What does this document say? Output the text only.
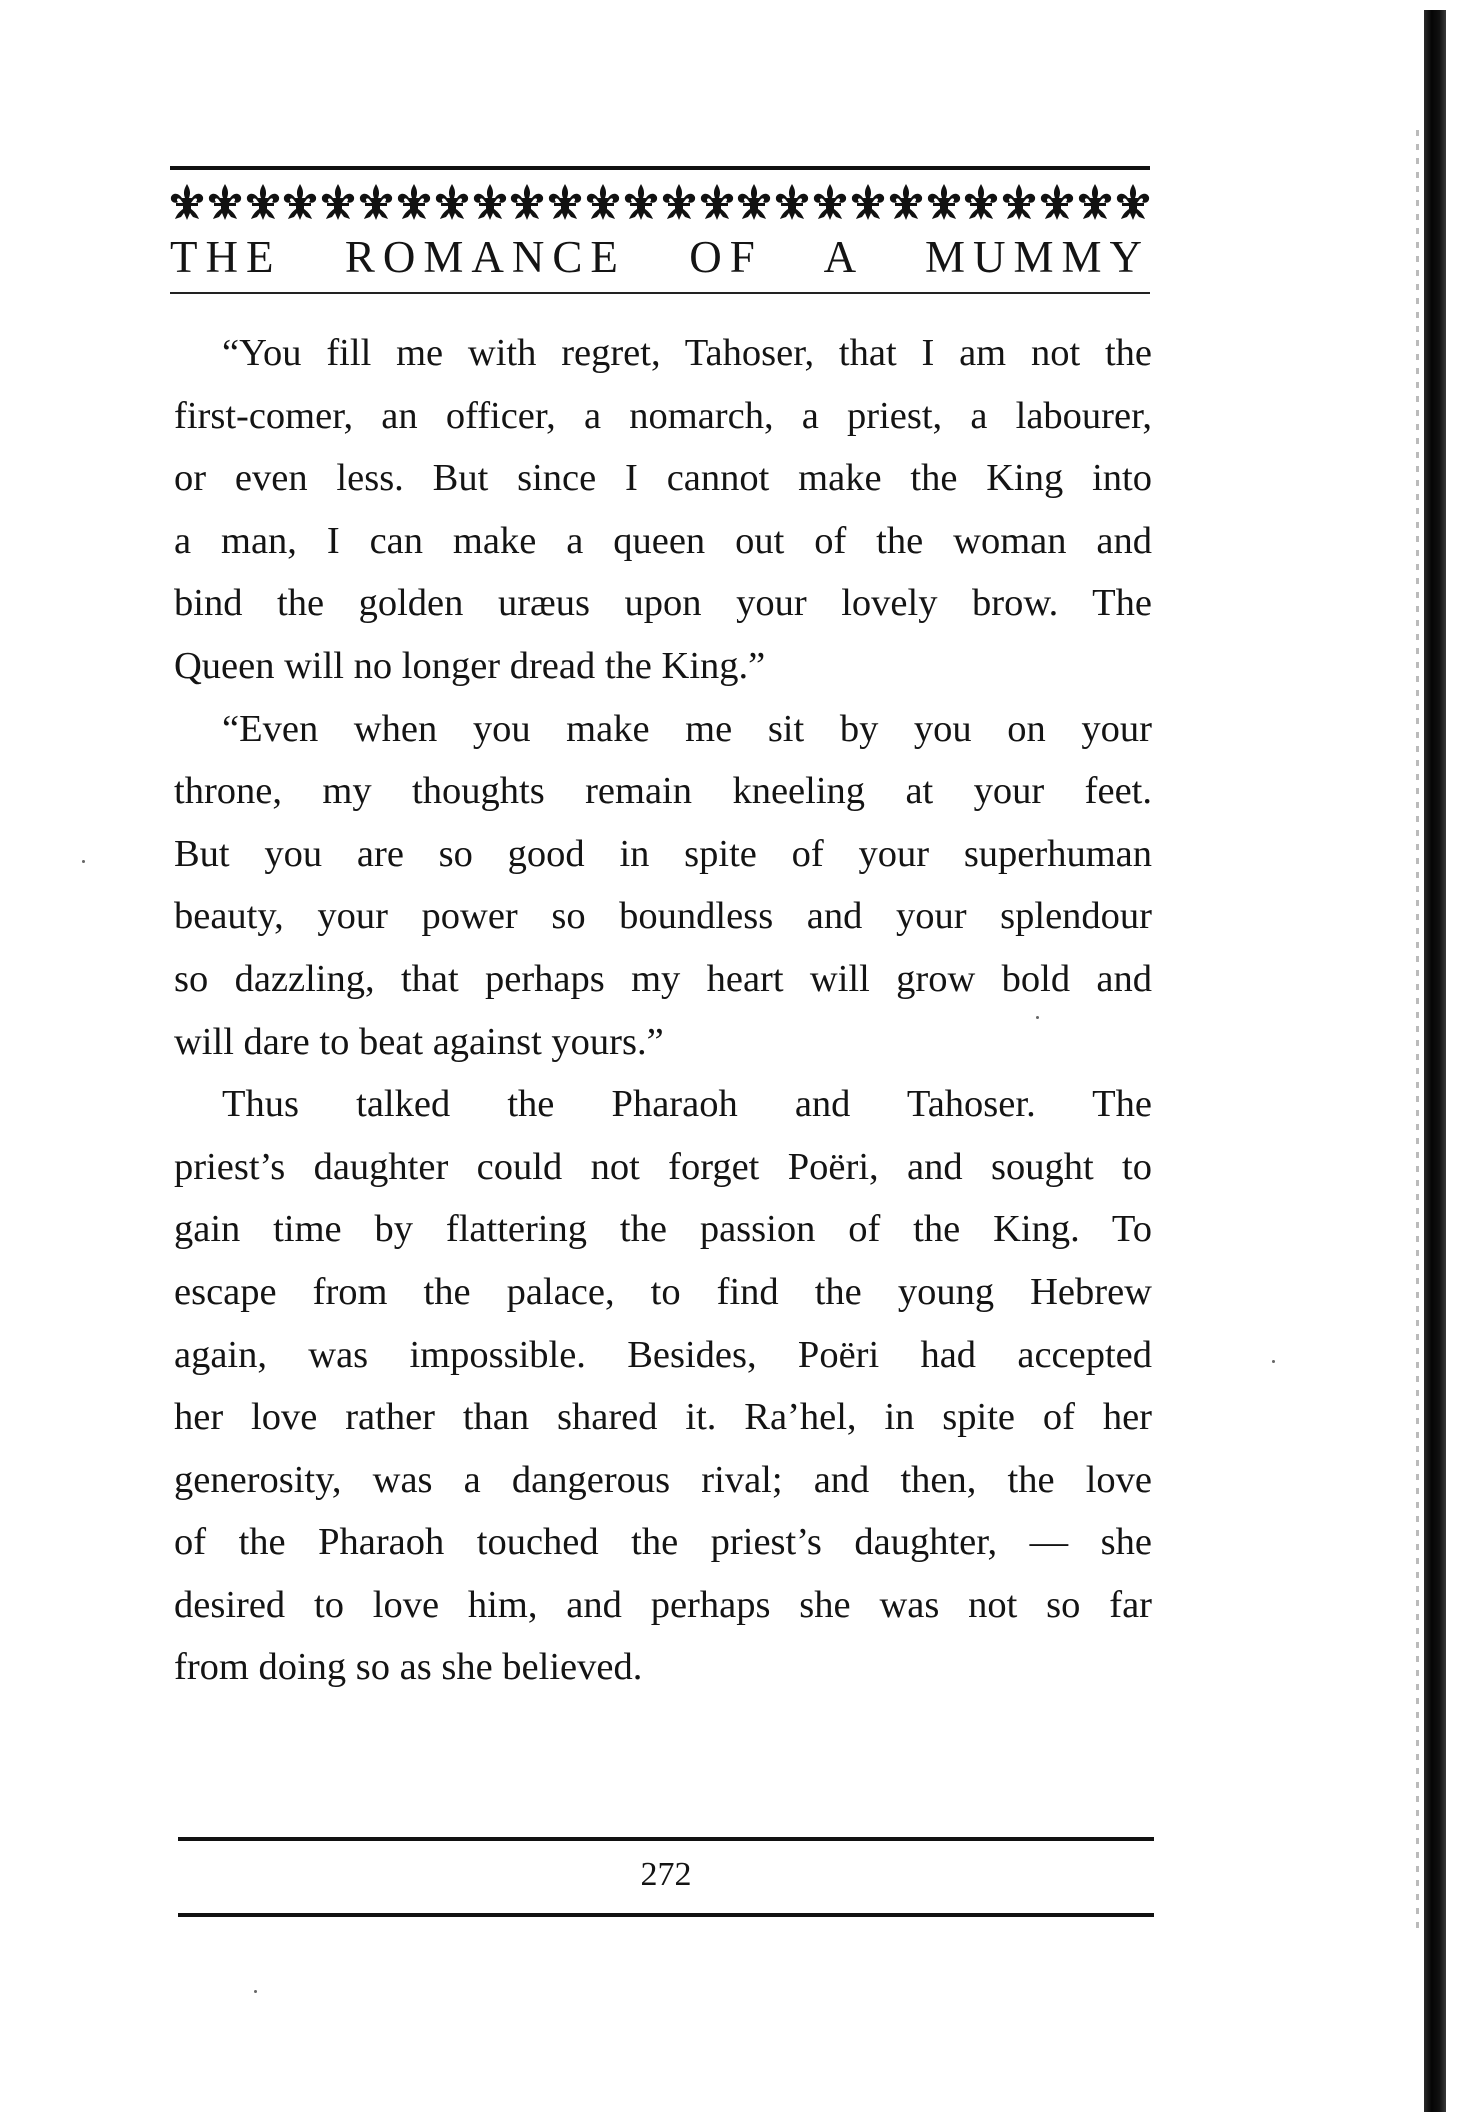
THE ROMANCE OF A MUMMY
“You fill me with regret, Tahoser, that I am not the
first-comer, an officer, a nomarch, a priest, a labourer,
or even less. But since I cannot make the King into
a man, I can make a queen out of the woman and
bind the golden uræus upon your lovely brow. The
Queen will no longer dread the King.”
“Even when you make me sit by you on your
throne, my thoughts remain kneeling at your feet.
But you are so good in spite of your superhuman
beauty, your power so boundless and your splendour
so dazzling, that perhaps my heart will grow bold and
will dare to beat against yours.”
Thus talked the Pharaoh and Tahoser. The
priest’s daughter could not forget Poëri, and sought to
gain time by flattering the passion of the King. To
escape from the palace, to find the young Hebrew
again, was impossible. Besides, Poëri had accepted
her love rather than shared it. Ra’hel, in spite of her
generosity, was a dangerous rival; and then, the love
of the Pharaoh touched the priest’s daughter, — she
desired to love him, and perhaps she was not so far
from doing so as she believed.
272
